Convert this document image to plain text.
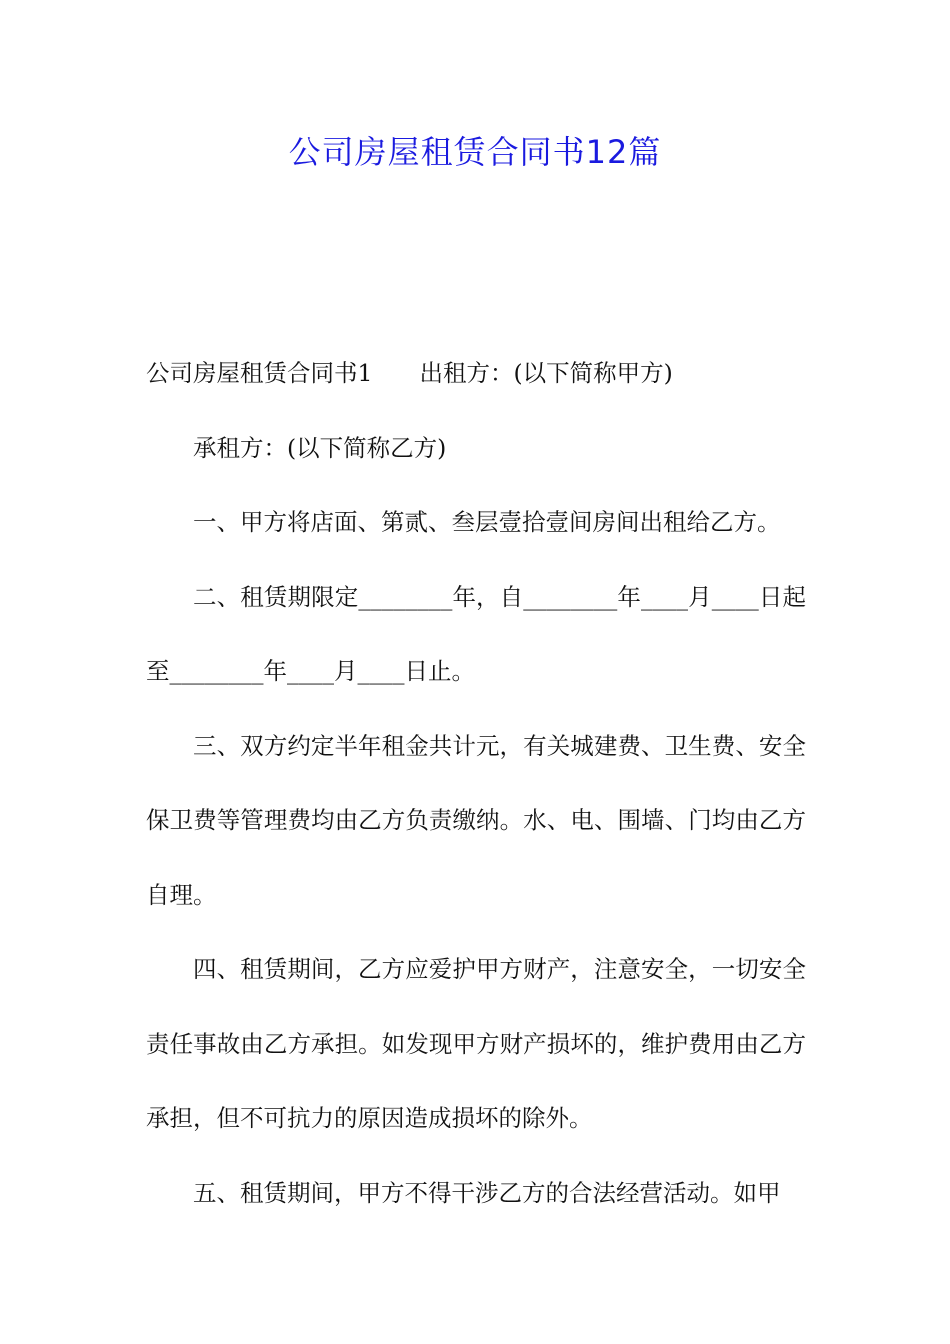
公司房屋租赁合同书12篇

公司房屋租赁合同书1　　出租方：(以下简称甲方)

承租方：(以下简称乙方)

一、甲方将店面、第贰、叁层壹拾壹间房间出租给乙方。

二、租赁期限定________年，自________年____月____日起至________年____月____日止。

三、双方约定半年租金共计元，有关城建费、卫生费、安全保卫费等管理费均由乙方负责缴纳。水、电、围墙、门均由乙方自理。

四、租赁期间，乙方应爱护甲方财产，注意安全，一切安全责任事故由乙方承担。如发现甲方财产损坏的，维护费用由乙方承担，但不可抗力的原因造成损坏的除外。

五、租赁期间，甲方不得干涉乙方的合法经营活动。如甲
